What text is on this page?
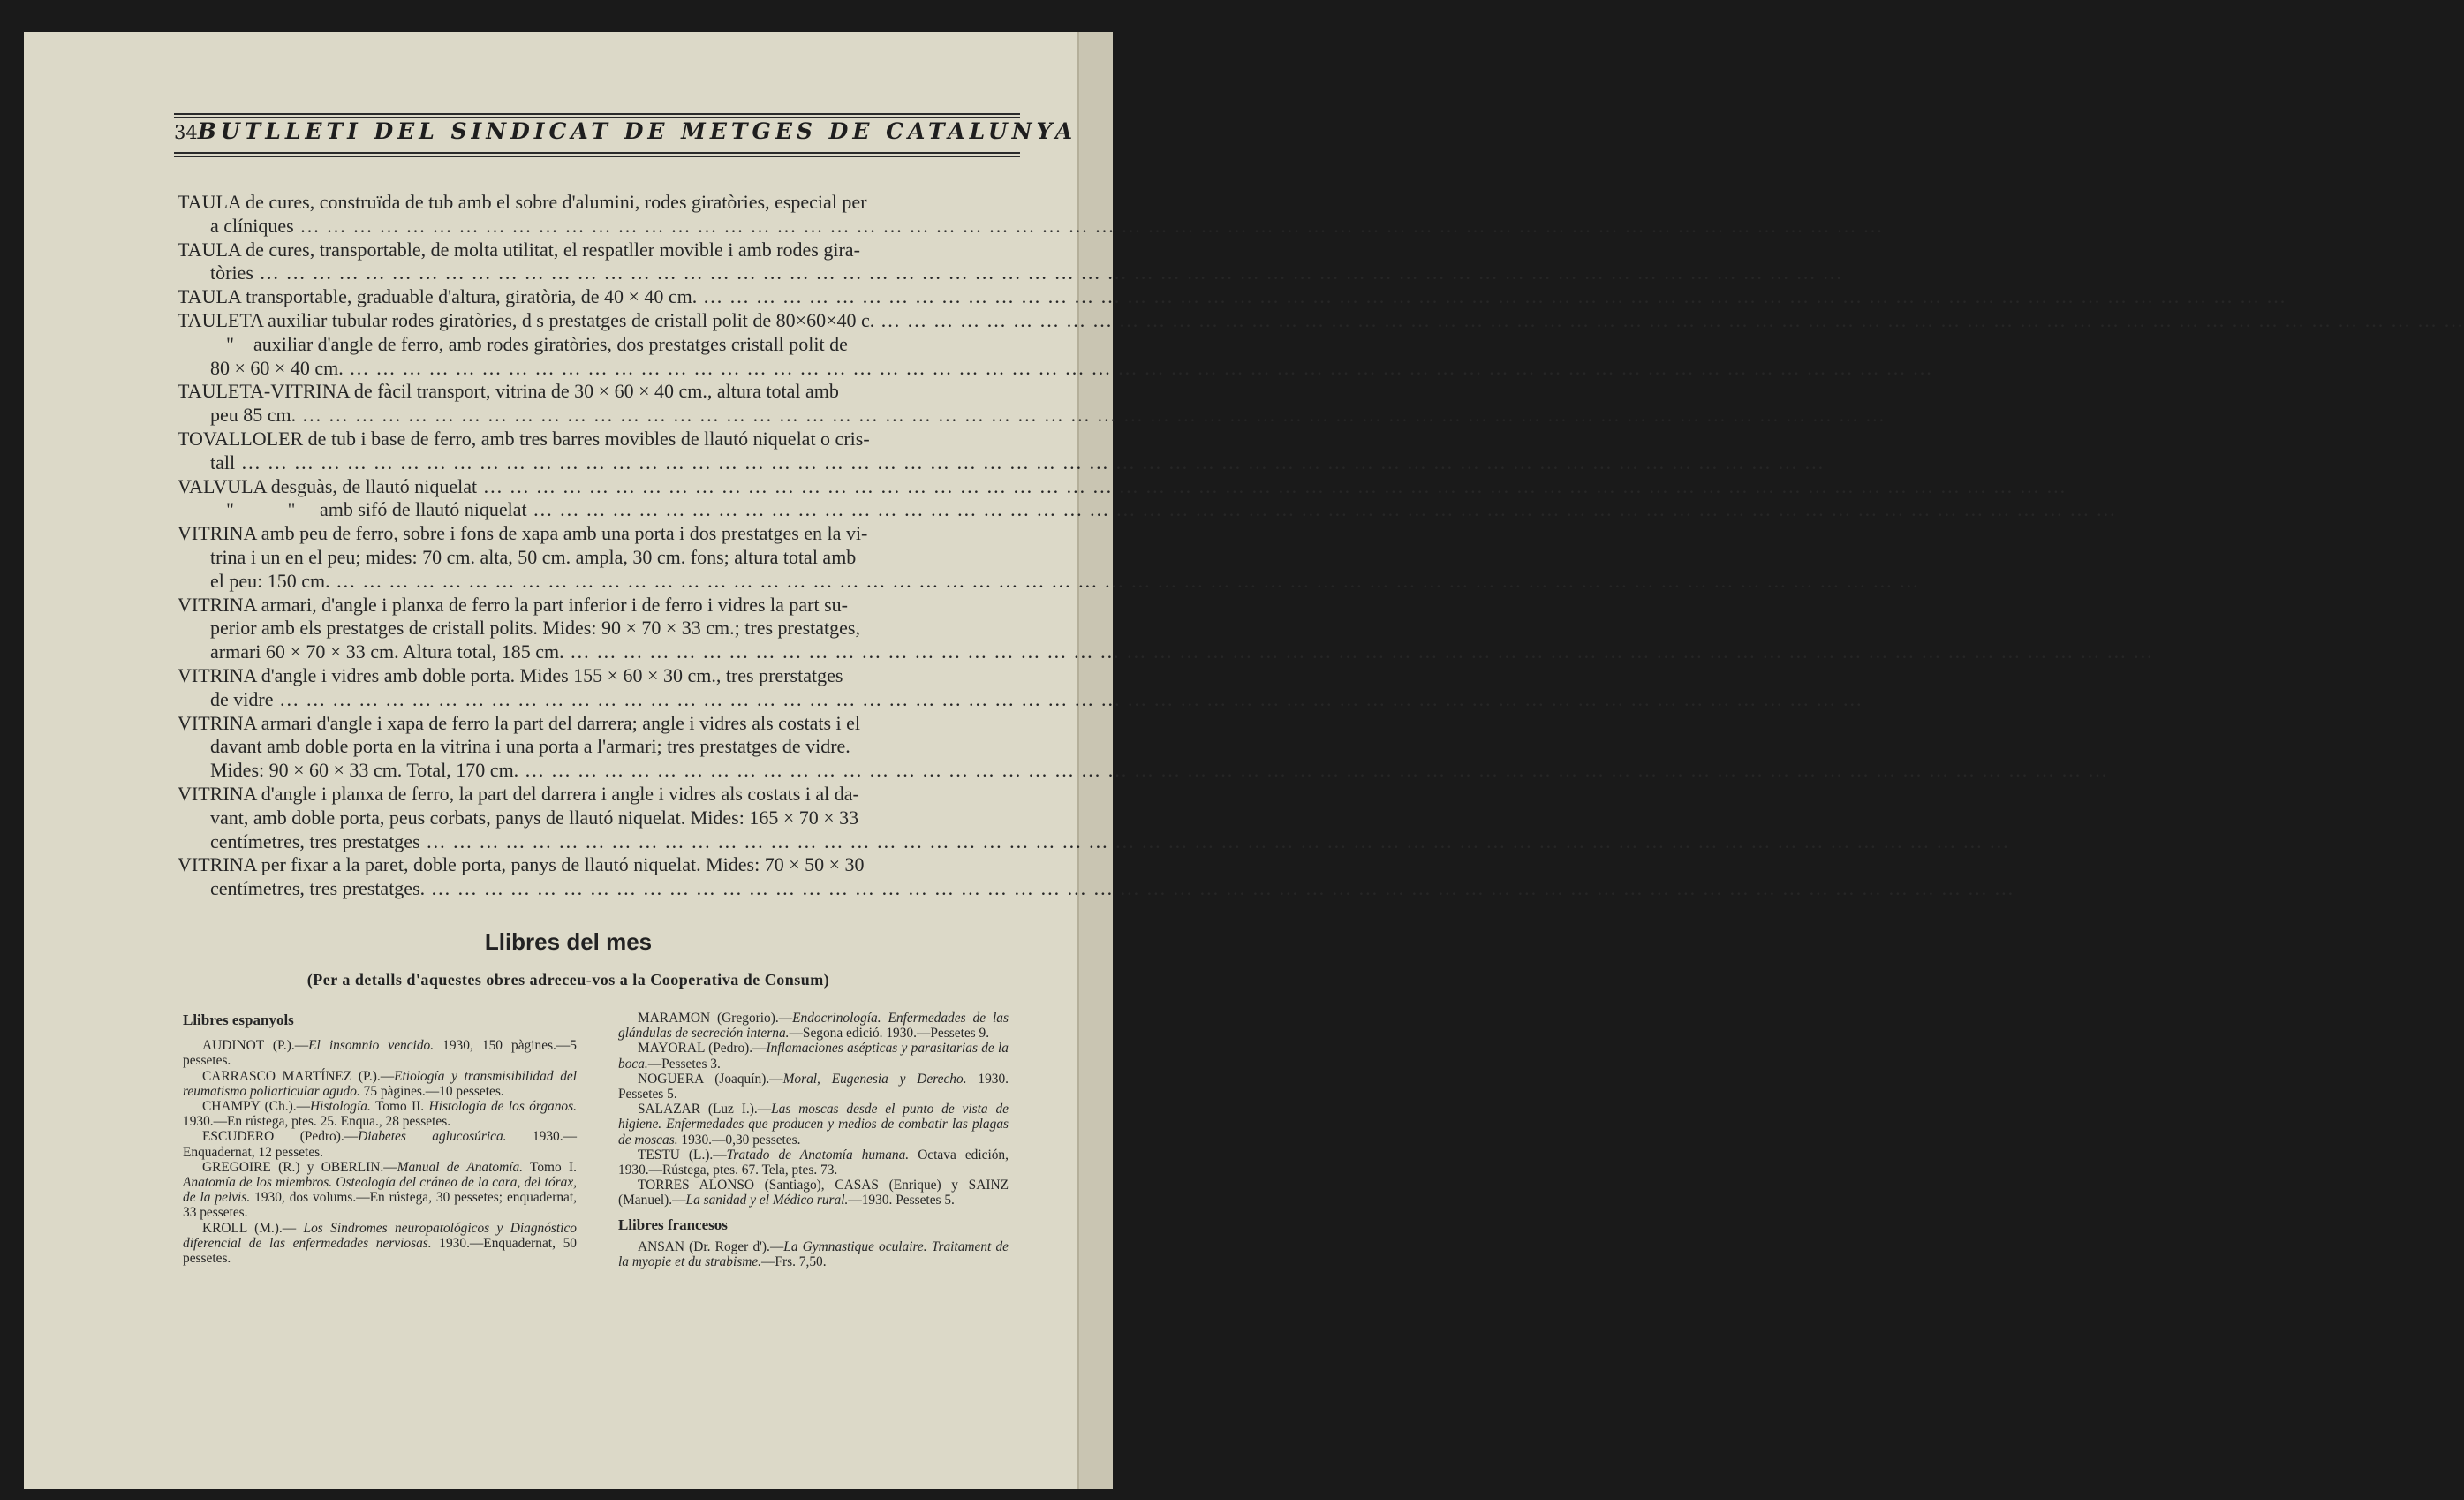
34 BUTLLETI DEL SINDICAT DE METGES DE CATALUNYA
TAULA de cures, construïda de tub amb el sobre d'alumini, rodes giratòries, especial per
a clíniques ... ... ... ... ... ... ... ... ... ... ... ... ... ... ... ... ... ... ... ... ... ... ... ... ... ... ... ... ... ... ... ... ... ... ... ... ... ... ... ... ... ... ... ... ... ... ... ... ... ... ... ... ... ... ... ... ... ... ... ...
TAULA de cures, transportable, de molta utilitat, el respatller movible i amb rodes gira-
tòries ... ... ... ... ... ... ... ... ... ... ... ... ... ... ... ... ... ... ... ... ... ... ... ... ... ... ... ... ... ... ... ... ... ... ... ... ... ... ... ... ... ... ... ... ... ... ... ... ... ... ... ... ... ... ... ... ... ... ... ...
TAULA transportable, graduable d'altura, giratòria, de 40 × 40 cm. ... ... ... ... ... ... ... ... ... ... ... ... ... ... ... ... ... ... ... ... ... ... ... ... ... ... ... ... ... ... ... ... ... ... ... ... ... ... ... ... ... ... ... ... ... ... ... ... ... ... ... ... ... ... ... ... ... ... ... ...
TAULETA auxiliar tubular rodes giratòries, d s prestatges de cristall polit de 80×60×40 c. ... ... ... ... ... ... ... ... ... ... ... ... ... ... ... ... ... ... ... ... ... ... ... ... ... ... ... ... ... ... ... ... ... ... ... ... ... ... ... ... ... ... ... ... ... ... ... ... ... ... ... ... ... ... ... ... ... ... ... ...
"    auxiliar d'angle de ferro, amb rodes giratòries, dos prestatges cristall polit de
80 × 60 × 40 cm. ... ... ... ... ... ... ... ... ... ... ... ... ... ... ... ... ... ... ... ... ... ... ... ... ... ... ... ... ... ... ... ... ... ... ... ... ... ... ... ... ... ... ... ... ... ... ... ... ... ... ... ... ... ... ... ... ... ... ... ...
TAULETA-VITRINA de fàcil transport, vitrina de 30 × 60 × 40 cm., altura total amb
peu 85 cm. ... ... ... ... ... ... ... ... ... ... ... ... ... ... ... ... ... ... ... ... ... ... ... ... ... ... ... ... ... ... ... ... ... ... ... ... ... ... ... ... ... ... ... ... ... ... ... ... ... ... ... ... ... ... ... ... ... ... ... ...
TOVALLOLER de tub i base de ferro, amb tres barres movibles de llautó niquelat o cris-
tall ... ... ... ... ... ... ... ... ... ... ... ... ... ... ... ... ... ... ... ... ... ... ... ... ... ... ... ... ... ... ... ... ... ... ... ... ... ... ... ... ... ... ... ... ... ... ... ... ... ... ... ... ... ... ... ... ... ... ... ...
VALVULA desguàs, de llautó niquelat ... ... ... ... ... ... ... ... ... ... ... ... ... ... ... ... ... ... ... ... ... ... ... ... ... ... ... ... ... ... ... ... ... ... ... ... ... ... ... ... ... ... ... ... ... ... ... ... ... ... ... ... ... ... ... ... ... ... ... ...
"           "     amb sifó de llautó niquelat ... ... ... ... ... ... ... ... ... ... ... ... ... ... ... ... ... ... ... ... ... ... ... ... ... ... ... ... ... ... ... ... ... ... ... ... ... ... ... ... ... ... ... ... ... ... ... ... ... ... ... ... ... ... ... ... ... ... ... ...
VITRINA amb peu de ferro, sobre i fons de xapa amb una porta i dos prestatges en la vi-
trina i un en el peu; mides: 70 cm. alta, 50 cm. ampla, 30 cm. fons; altura total amb
el peu: 150 cm. ... ... ... ... ... ... ... ... ... ... ... ... ... ... ... ... ... ... ... ... ... ... ... ... ... ... ... ... ... ... ... ... ... ... ... ... ... ... ... ... ... ... ... ... ... ... ... ... ... ... ... ... ... ... ... ... ... ... ... ...
VITRINA armari, d'angle i planxa de ferro la part inferior i de ferro i vidres la part su-
perior amb els prestatges de cristall polits. Mides: 90 × 70 × 33 cm.; tres prestatges,
armari 60 × 70 × 33 cm. Altura total, 185 cm. ... ... ... ... ... ... ... ... ... ... ... ... ... ... ... ... ... ... ... ... ... ... ... ... ... ... ... ... ... ... ... ... ... ... ... ... ... ... ... ... ... ... ... ... ... ... ... ... ... ... ... ... ... ... ... ... ... ... ... ...
VITRINA d'angle i vidres amb doble porta. Mides 155 × 60 × 30 cm., tres prerstatges
de vidre ... ... ... ... ... ... ... ... ... ... ... ... ... ... ... ... ... ... ... ... ... ... ... ... ... ... ... ... ... ... ... ... ... ... ... ... ... ... ... ... ... ... ... ... ... ... ... ... ... ... ... ... ... ... ... ... ... ... ... ...
VITRINA armari d'angle i xapa de ferro la part del darrera; angle i vidres als costats i el
davant amb doble porta en la vitrina i una porta a l'armari; tres prestatges de vidre.
Mides: 90 × 60 × 33 cm. Total, 170 cm. ... ... ... ... ... ... ... ... ... ... ... ... ... ... ... ... ... ... ... ... ... ... ... ... ... ... ... ... ... ... ... ... ... ... ... ... ... ... ... ... ... ... ... ... ... ... ... ... ... ... ... ... ... ... ... ... ... ... ... ...
VITRINA d'angle i planxa de ferro, la part del darrera i angle i vidres als costats i al da-
vant, amb doble porta, peus corbats, panys de llautó niquelat. Mides: 165 × 70 × 33
centímetres, tres prestatges ... ... ... ... ... ... ... ... ... ... ... ... ... ... ... ... ... ... ... ... ... ... ... ... ... ... ... ... ... ... ... ... ... ... ... ... ... ... ... ... ... ... ... ... ... ... ... ... ... ... ... ... ... ... ... ... ... ... ... ...
VITRINA per fixar a la paret, doble porta, panys de llautó niquelat. Mides: 70 × 50 × 30
centímetres, tres prestatges. ... ... ... ... ... ... ... ... ... ... ... ... ... ... ... ... ... ... ... ... ... ... ... ... ... ... ... ... ... ... ... ... ... ... ... ... ... ... ... ... ... ... ... ... ... ... ... ... ... ... ... ... ... ... ... ... ... ... ... ...
Llibres del mes
(Per a detalls d'aquestes obres adreceu-vos a la Cooperativa de Consum)
Llibres espanyols

AUDINOT (P.).—El insomnio vencido. 1930, 150 pàgines.—5 pessetes.

CARRASCO MARTÍNEZ (P.).—Etiología y transmisibilidad del reumatismo poliarticular agudo. 75 pàgines.—10 pessetes.

CHAMPY (Ch.).—Histología. Tomo II. Histología de los órganos. 1930.—En rústega, ptes. 25. Enqua., 28 pessetes.

ESCUDERO (Pedro).—Diabetes aglucosúrica. 1930.—Enquadernat, 12 pessetes.

GREGOIRE (R.) y OBERLIN.—Manual de Anatomía. Tomo I. Anatomía de los miembros. Osteología del cráneo de la cara, del tórax, de la pelvis. 1930, dos volums.—En rústega, 30 pessetes; enquadernat, 33 pessetes.

KROLL (M.).— Los Síndromes neuropatológicos y Diagnóstico diferencial de las enfermedades nerviosas. 1930.—Enquadernat, 50 pessetes.

MARAMON (Gregorio).—Endocrinología. Enfermedades de las glándulas de secreción interna.—Segona edició. 1930.—Pessetes 9.

MAYORAL (Pedro).—Inflamaciones asépticas y parasitarias de la boca.—Pessetes 3.

NOGUERA (Joaquín).—Moral, Eugenesia y Derecho. 1930. Pessetes 5.

SALAZAR (Luz I.).—Las moscas desde el punto de vista de higiene. Enfermedades que producen y medios de combatir las plagas de moscas. 1930.—0,30 pessetes.

TESTU (L.).—Tratado de Anatomía humana. Octava edición, 1930.—Rústega, ptes. 67. Tela, ptes. 73.

TORRES ALONSO (Santiago), CASAS (Enrique) y SAINZ (Manuel).—La sanidad y el Médico rural.—1930. Pessetes 5.

Llibres francesos

ANSAN (Dr. Roger d').—La Gymnastique oculaire. Traitament de la myopie et du strabisme.—Frs. 7,50.
